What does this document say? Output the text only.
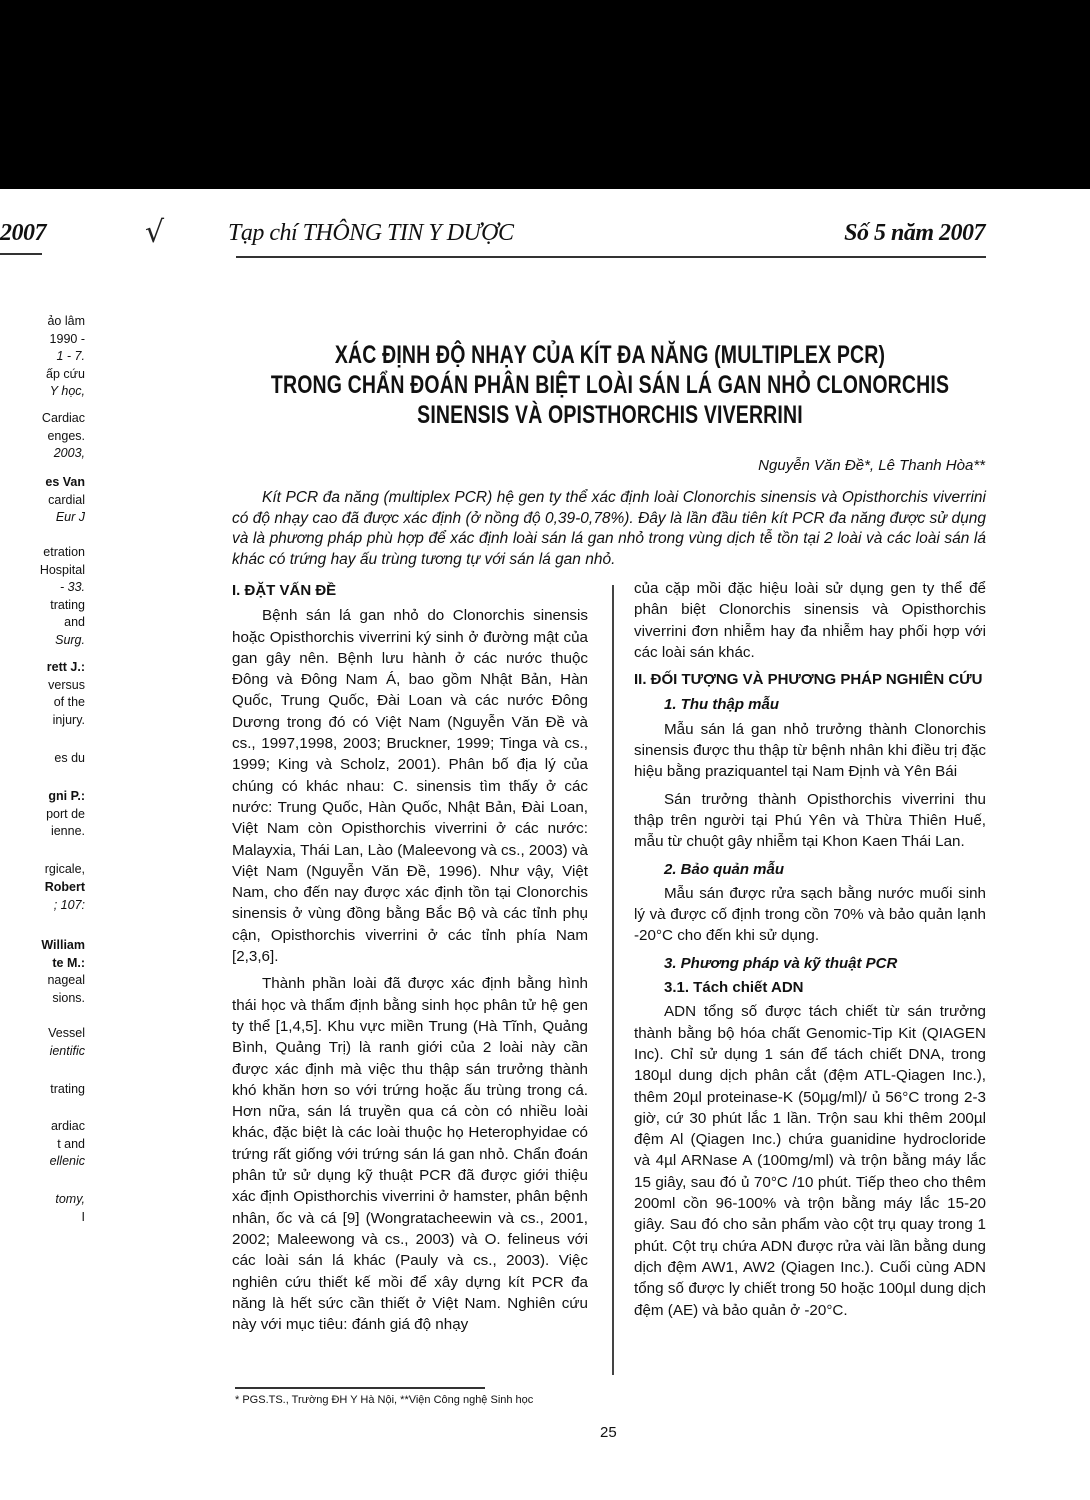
2007	√	Tạp chí THÔNG TIN Y DƯỢC	Số 5 năm 2007
ảo lâm
1990 -
1 - 7.
ấp cứu
Y học,
Cardiac
enges.
2003,
es Van
cardial
Eur J
etration
Hospital
- 33.
trating
and
Surg.
rett J.:
versus
of the
injury.
es du
gni P.:
port de
ienne.
rgicale,
Robert
; 107:
William
te M.:
nageal
sions.
Vessel
ientific
trating
ardiac
t and
ellenic
tomy,
I
XÁC ĐỊNH ĐỘ NHẠY CỦA KÍT ĐA NĂNG (MULTIPLEX PCR)
TRONG CHẨN ĐOÁN PHÂN BIỆT LOÀI SÁN LÁ GAN NHỎ CLONORCHIS
SINENSIS VÀ OPISTHORCHIS VIVERRINI
Nguyễn Văn Đề*, Lê Thanh Hòa**
Kít PCR đa năng (multiplex PCR) hệ gen ty thể xác định loài Clonorchis sinensis và Opisthorchis viverrini có độ nhạy cao đã được xác định (ở nồng độ 0,39-0,78%). Đây là lần đầu tiên kít PCR đa năng được sử dụng và là phương pháp phù hợp để xác định loài sán lá gan nhỏ trong vùng dịch tễ tồn tại 2 loài và các loài sán lá khác có trứng hay ấu trùng tương tự với sán lá gan nhỏ.
I. ĐẶT VẤN ĐỀ

Bệnh sán lá gan nhỏ do Clonorchis sinensis hoặc Opisthorchis viverrini ký sinh ở đường mật của gan gây nên. Bệnh lưu hành ở các nước thuộc Đông và Đông Nam Á, bao gồm Nhật Bản, Hàn Quốc, Trung Quốc, Đài Loan và các nước Đông Dương trong đó có Việt Nam (Nguyễn Văn Đề và cs., 1997,1998, 2003; Bruckner, 1999; Tinga và cs., 1999; King và Scholz, 2001). Phân bố địa lý của chúng có khác nhau: C. sinensis tìm thấy ở các nước: Trung Quốc, Hàn Quốc, Nhật Bản, Đài Loan, Việt Nam còn Opisthorchis viverrini ở các nước: Malayxia, Thái Lan, Lào (Maleevong và cs., 2003) và Việt Nam (Nguyễn Văn Đề, 1996). Như vậy, Việt Nam, cho đến nay được xác định tồn tại Clonorchis sinensis ở vùng đồng bằng Bắc Bộ và các tỉnh phụ cận, Opisthorchis viverrini ở các tỉnh phía Nam [2,3,6].

Thành phần loài đã được xác định bằng hình thái học và thẩm định bằng sinh học phân tử hệ gen ty thể [1,4,5]. Khu vực miền Trung (Hà Tĩnh, Quảng Bình, Quảng Trị) là ranh giới của 2 loài này cần được xác định mà việc thu thập sán trưởng thành khó khăn hơn so với trứng hoặc ấu trùng trong cá. Hơn nữa, sán lá truyền qua cá còn có nhiều loài khác, đặc biệt là các loài thuộc họ Heterophyidae có trứng rất giống với trứng sán lá gan nhỏ. Chẩn đoán phân tử sử dụng kỹ thuật PCR đã được giới thiệu xác định Opisthorchis viverrini ở hamster, phân bệnh nhân, ốc và cá [9] (Wongratacheewin và cs., 2001, 2002; Maleewong và cs., 2003) và O. felineus với các loài sán lá khác (Pauly và cs., 2003). Việc nghiên cứu thiết kế mồi để xây dựng kít PCR đa năng là hết sức cần thiết ở Việt Nam. Nghiên cứu này với mục tiêu: đánh giá độ nhạy

của cặp mồi đặc hiệu loài sử dụng gen ty thể để phân biệt Clonorchis sinensis và Opisthorchis viverrini đơn nhiễm hay đa nhiễm hay phối hợp với các loài sán khác.

II. ĐỐI TƯỢNG VÀ PHƯƠNG PHÁP NGHIÊN CỨU
1. Thu thập mẫu

Mẫu sán lá gan nhỏ trưởng thành Clonorchis sinensis được thu thập từ bệnh nhân khi điều trị đặc hiệu bằng praziquantel tại Nam Định và Yên Bái

Sán trưởng thành Opisthorchis viverrini thu thập trên người tại Phú Yên và Thừa Thiên Huế, mẫu từ chuột gây nhiễm tại Khon Kaen Thái Lan.

2. Bảo quản mẫu

Mẫu sán được rửa sạch bằng nước muối sinh lý và được cố định trong cồn 70% và bảo quản lạnh -20°C cho đến khi sử dụng.

3. Phương pháp và kỹ thuật PCR
3.1. Tách chiết ADN

ADN tổng số được tách chiết từ sán trưởng thành bằng bộ hóa chất Genomic-Tip Kit (QIAGEN Inc). Chỉ sử dụng 1 sán để tách chiết DNA, trong 180µl dung dịch phân cắt (đệm ATL-Qiagen Inc.), thêm 20µl proteinase-K (50µg/ml)/ ủ 56°C trong 2-3 giờ, cứ 30 phút lắc 1 lần. Trộn sau khi thêm 200µl đệm Al (Qiagen Inc.) chứa guanidine hydrocloride và 4µl ARNase A (100mg/ml) và trộn bằng máy lắc 15 giây, sau đó ủ 70°C /10 phút. Tiếp theo cho thêm 200ml cồn 96-100% và trộn bằng máy lắc 15-20 giây. Sau đó cho sản phẩm vào cột trụ quay trong 1 phút. Cột trụ chứa ADN được rửa vài lần bằng dung dịch đệm AW1, AW2 (Qiagen Inc.). Cuối cùng ADN tổng số được ly chiết trong 50 hoặc 100µl dung dịch đệm (AE) và bảo quản ở -20°C.

* PGS.TS., Trường ĐH Y Hà Nội, **Viện Công nghệ Sinh học
25
